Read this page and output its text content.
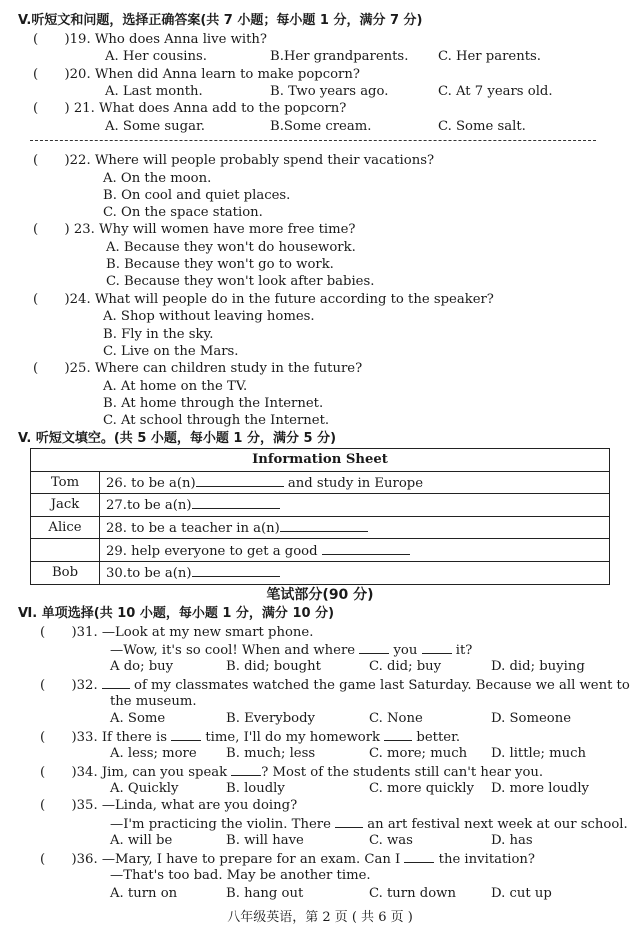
V.听短文和问题，选择正确答案(共 7 小题；每小题 1 分，满分 7 分)
(　　)19. Who does Anna live with?
A. Her cousins.	B.Her grandparents. C. Her parents.
(　　)20. When did Anna learn to make popcorn?
A. Last month.	B. Two years ago.	C. At 7 years old.
(　　) 21. What does Anna add to the popcorn?
A. Some sugar.	B.Some cream.	C. Some salt.
(　　)22. Where will people probably spend their vacations?
A. On the moon.
B. On cool and quiet places.
C. On the space station.
(　　) 23. Why will women have more free time?
A. Because they won't do housework.
B. Because they won't go to work.
C. Because they won't look after babies.
(　　)24. What will people do in the future according to the speaker?
A. Shop without leaving homes.
B. Fly in the sky.
C. Live on the Mars.
(　　)25. Where can children study in the future?
A. At home on the TV.
B. At home through the Internet.
C. At school through the Internet.
V. 听短文填空。(共 5 小题，每小题 1 分，满分 5 分)
Information Sheet	
Tom	26. to be a(n) and study in Europe
Jack	27.to be a(n)
Alice	28. to be a teacher in a(n)
	29. help everyone to get a good
Bob	30.to be a(n)
笔试部分(90 分)
Ⅵ. 单项选择(共 10 小题，每小题 1 分，满分 10 分)
(　　)31. —Look at my new smart phone.
—Wow, it's so cool! When and where  you  it?
A do; buy	B. did; bought	C. did; buy	D. did; buying
(　　)32.  of my classmates watched the game last Saturday. Because we all went to
the museum.
A. Some	B. Everybody	C. None	D. Someone
(　　)33. If there is  time, I'll do my homework  better.
A. less; more B. much; less	C. more; much D. little; much
(　　)34. Jim, can you speak ? Most of the students still can't hear you.
A. Quickly	B. loudly	C. more quickly D. more loudly
(　　)35. —Linda, what are you doing?
—I'm practicing the violin. There  an art festival next week at our school.
A. will be	B. will have	C. was	D. has
(　　)36. —Mary, I have to prepare for an exam. Can I  the invitation?
—That's too bad. May be another time.
A. turn on	B. hang out	C. turn down	D. cut up
八年级英语，第 2 页 ( 共 6 页 )
